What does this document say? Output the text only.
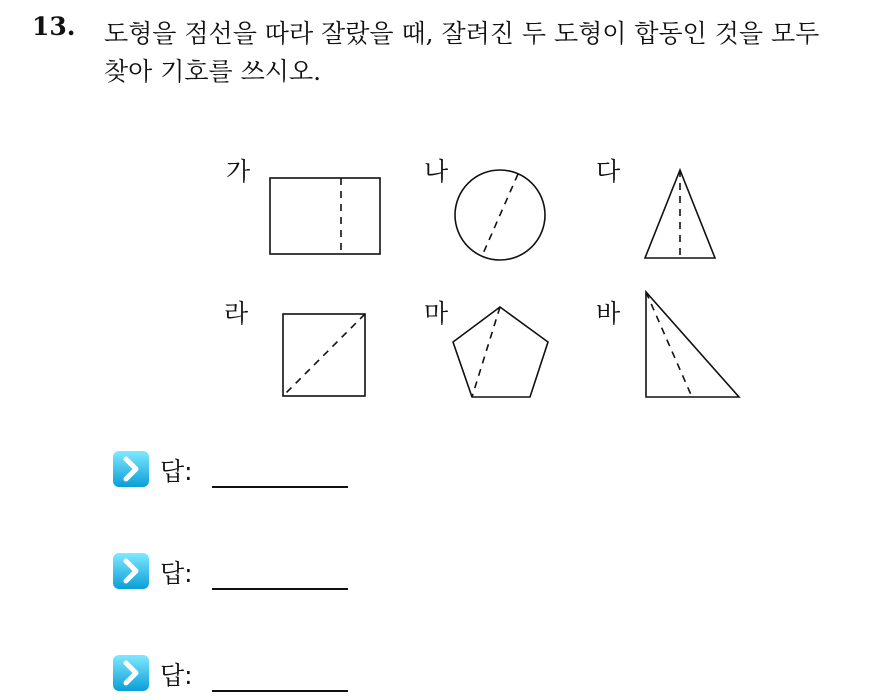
13. 도형을 점선을 따라 잘랐을 때, 잘려진 두 도형이 합동인 것을 모두
찾아 기호를 쓰시오.
가	나	다
라	마	바
답:
답:
답:
